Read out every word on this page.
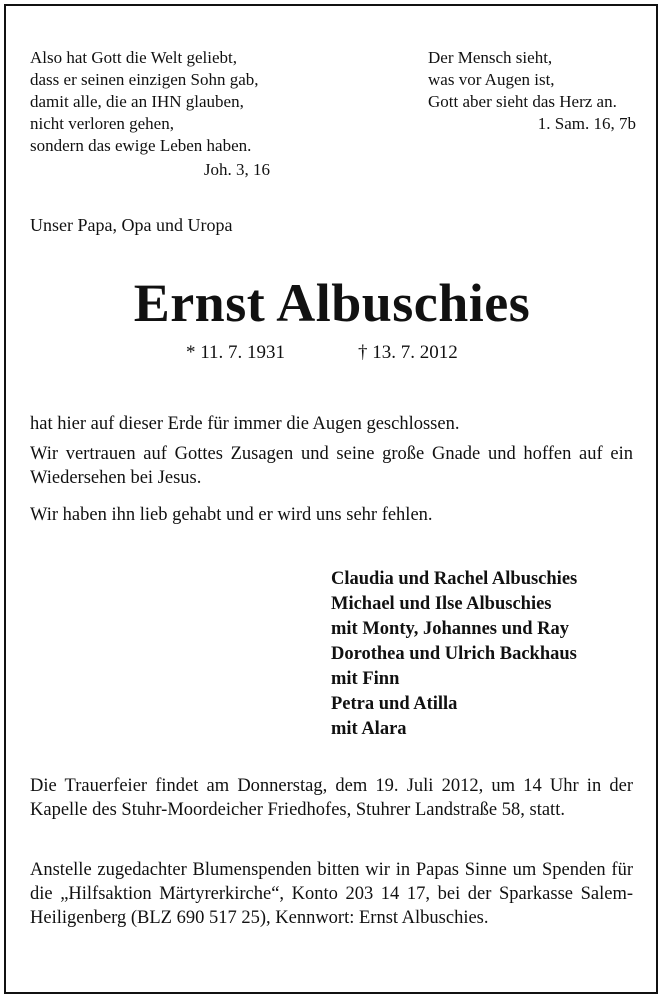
Also hat Gott die Welt geliebt,
dass er seinen einzigen Sohn gab,
damit alle, die an IHN glauben,
nicht verloren gehen,
sondern das ewige Leben haben.
Joh. 3, 16
Der Mensch sieht,
was vor Augen ist,
Gott aber sieht das Herz an.
1. Sam. 16, 7b
Unser Papa, Opa und Uropa
Ernst Albuschies
* 11. 7. 1931	† 13. 7. 2012
hat hier auf dieser Erde für immer die Augen geschlossen.
Wir vertrauen auf Gottes Zusagen und seine große Gnade und hoffen auf ein Wiedersehen bei Jesus.
Wir haben ihn lieb gehabt und er wird uns sehr fehlen.
Claudia und Rachel Albuschies
Michael und Ilse Albuschies
mit Monty, Johannes und Ray
Dorothea und Ulrich Backhaus
mit Finn
Petra und Atilla
mit Alara
Die Trauerfeier findet am Donnerstag, dem 19. Juli 2012, um 14 Uhr in der Kapelle des Stuhr-Moordeicher Friedhofes, Stuhrer Landstraße 58, statt.
Anstelle zugedachter Blumenspenden bitten wir in Papas Sinne um Spenden für die „Hilfsaktion Märtyrerkirche“, Konto 203 14 17, bei der Sparkasse Salem-Heiligenberg (BLZ 690 517 25), Kennwort: Ernst Albuschies.
